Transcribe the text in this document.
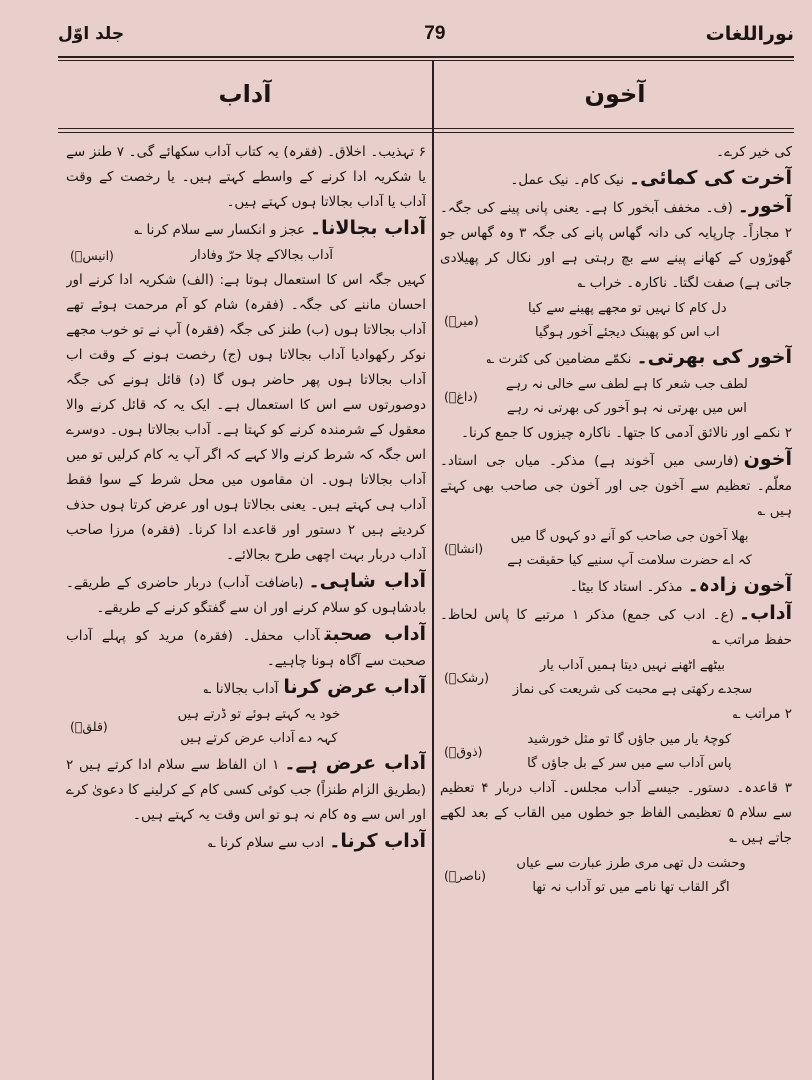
جلد اوّل	79	نوراللغات
آداب	آخون
کی خیر کرے۔
آخرت کی کمائی۔نیک کام۔ نیک عمل۔
آخور۔(ف۔ مخفف آبخور کا ہے۔ یعنی پانی پینے کی جگہ۔ ۲ مجازاً۔ چارپایہ کی دانہ گھاس پانے کی جگہ ۳ وہ گھاس جو گھوڑوں کے کھانے پینے سے بچ رہتی ہے اور نکال کر پھیلادی جاتی ہے) صفت لگتا۔ ناکارہ۔ خراب ؎
دل کام کا نہیں تو مجھے پھینے سے کیا
اب اس کو پھینک دیجئے آخور ہوگیا
(میرؔ)
آخور کی بھرتی۔نکمّے مضامین کی کثرت ؎
لطف جب شعر کا ہے لطف سے خالی نہ رہے
اس میں بھرتی نہ ہو آخور کی بھرتی نہ رہے
(داغؔ)
۲ نکمے اور نالائق آدمی کا جتھا۔ ناکارہ چیزوں کا جمع کرنا۔
آخون(فارسی میں آخوند ہے) مذکر۔ میاں جی استاد۔ معلّم۔ تعظیم سے آخون جی اور آخون جی صاحب بھی کہتے ہیں ؎
بھلا آخون جی صاحب کو آنے دو کہوں گا میں
کہ اے حضرت سلامت آپ سنیے کیا حقیقت ہے
(انشاؔ)
آخون زادہ۔مذکر۔ استاد کا بیٹا۔
آداب۔(ع۔ ادب کی جمع) مذکر ۱ مرتبے کا پاس لحاظ۔ حفظ مراتب ؎
بیٹھے اٹھنے نہیں دیتا ہمیں آداب یار
سجدے رکھتی ہے محبت کی شریعت کی نماز
(رشکؔ)
۲ مراتب ؎
کوچۂ یار میں جاؤں گا تو مثل خورشید
پاس آداب سے میں سر کے بل جاؤں گا
(ذوقؔ)
۳ قاعدہ۔ دستور۔ جیسے آداب مجلس۔ آداب دربار ۴ تعظیم سے سلام ۵ تعظیمی الفاظ جو خطوں میں القاب کے بعد لکھے جاتے ہیں ؎
وحشت دل تھی مری طرز عبارت سے عیاں
اگر القاب تھا نامے میں تو آداب نہ تھا
(ناصرؔ)
۶ تہذیب۔ اخلاق۔ (فقرہ) یہ کتاب آداب سکھائے گی۔ ۷ طنز سے یا شکریہ ادا کرنے کے واسطے کہتے ہیں۔ یا رخصت کے وقت آداب یا آداب بجالاتا ہوں کہتے ہیں۔
آداب بجالانا۔عجز و انکسار سے سلام کرنا ؎
آداب بجالاکے چلا حرّ وفادار
(انیسؔ)
کہیں جگہ اس کا استعمال ہوتا ہے: (الف) شکریہ ادا کرنے اور احسان ماننے کی جگہ۔ (فقرہ) شام کو آم مرحمت ہوئے تھے آداب بجالاتا ہوں (ب) طنز کی جگہ (فقرہ) آپ نے تو خوب مجھے نوکر رکھوادیا آداب بجالاتا ہوں (ج) رخصت ہونے کے وقت اب آداب بجالاتا ہوں پھر حاضر ہوں گا (د) قائل ہونے کی جگہ دوصورتوں سے اس کا استعمال ہے۔ ایک یہ کہ قائل کرنے والا معقول کے شرمندہ کرنے کو کہتا ہے۔ آداب بجالاتا ہوں۔ دوسرے اس جگہ کہ شرط کرنے والا کہے کہ اگر آپ یہ کام کرلیں تو میں آداب بجالاتا ہوں۔ ان مقاموں میں محل شرط کے سوا فقط آداب ہی کہتے ہیں۔ یعنی بجالاتا ہوں اور عرض کرتا ہوں حذف کردیتے ہیں ۲ دستور اور قاعدے ادا کرنا۔ (فقرہ) مرزا صاحب آداب دربار بہت اچھی طرح بجالائے۔
آداب شاہی۔(باضافت آداب) دربار حاضری کے طریقے۔ بادشاہوں کو سلام کرنے اور ان سے گفتگو کرنے کے طریقے۔
آداب صحبتآداب محفل۔ (فقرہ) مرید کو پہلے آداب صحبت سے آگاہ ہونا چاہیے۔
آداب عرض کرناآداب بجالانا ؎
خود یہ کہتے ہوئے تو ڈرتے ہیں
کہہ دے آداب عرض کرتے ہیں
(قلقؔ)
آداب عرض ہے۔۱ ان الفاظ سے سلام ادا کرتے ہیں ۲ (بطریق الزام طنزاً) جب کوئی کسی کام کے کرلینے کا دعویٰ کرے اور اس سے وہ کام نہ ہو تو اس وقت یہ کہتے ہیں۔
آداب کرنا۔ادب سے سلام کرنا ؎
